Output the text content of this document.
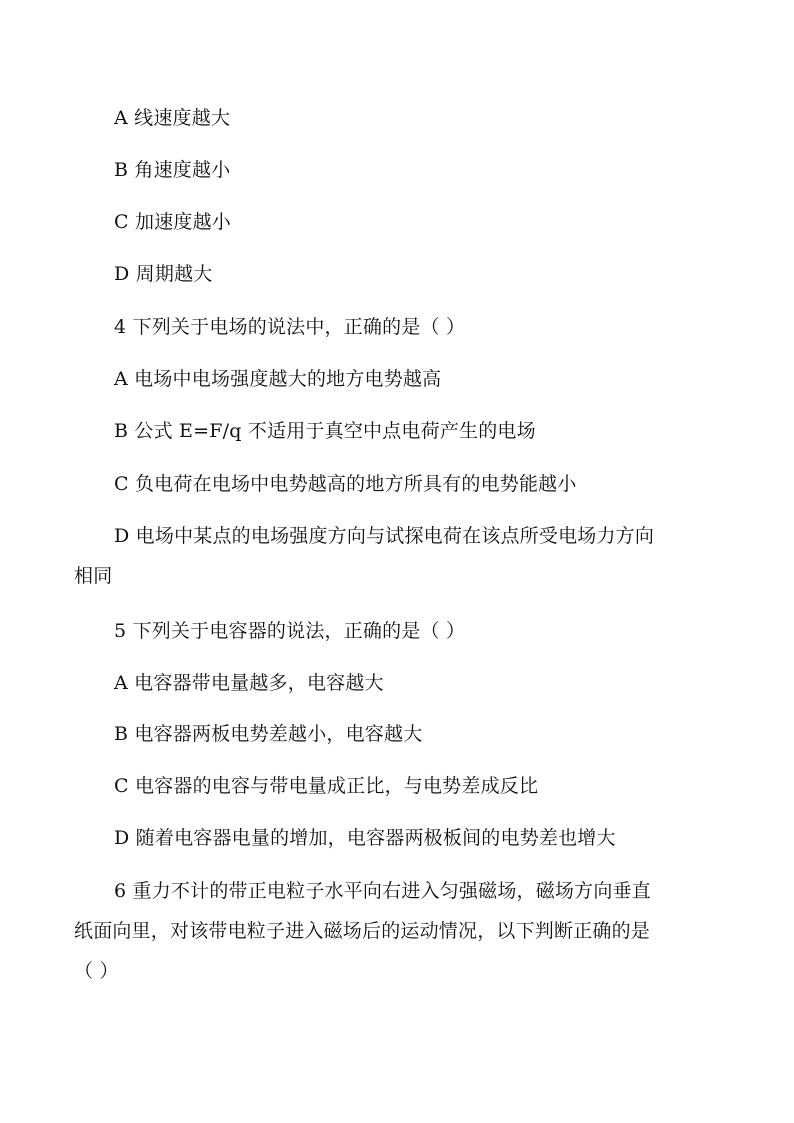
A 线速度越大
B 角速度越小
C 加速度越小
D 周期越大
4 下列关于电场的说法中，正确的是（ ）
A 电场中电场强度越大的地方电势越高
B 公式 E=F/q 不适用于真空中点电荷产生的电场
C 负电荷在电场中电势越高的地方所具有的电势能越小
D 电场中某点的电场强度方向与试探电荷在该点所受电场力方向
相同
5 下列关于电容器的说法，正确的是（ ）
A 电容器带电量越多，电容越大
B 电容器两板电势差越小，电容越大
C 电容器的电容与带电量成正比，与电势差成反比
D 随着电容器电量的增加，电容器两极板间的电势差也增大
6 重力不计的带正电粒子水平向右进入匀强磁场，磁场方向垂直
纸面向里，对该带电粒子进入磁场后的运动情况，以下判断正确的是
（ ）
